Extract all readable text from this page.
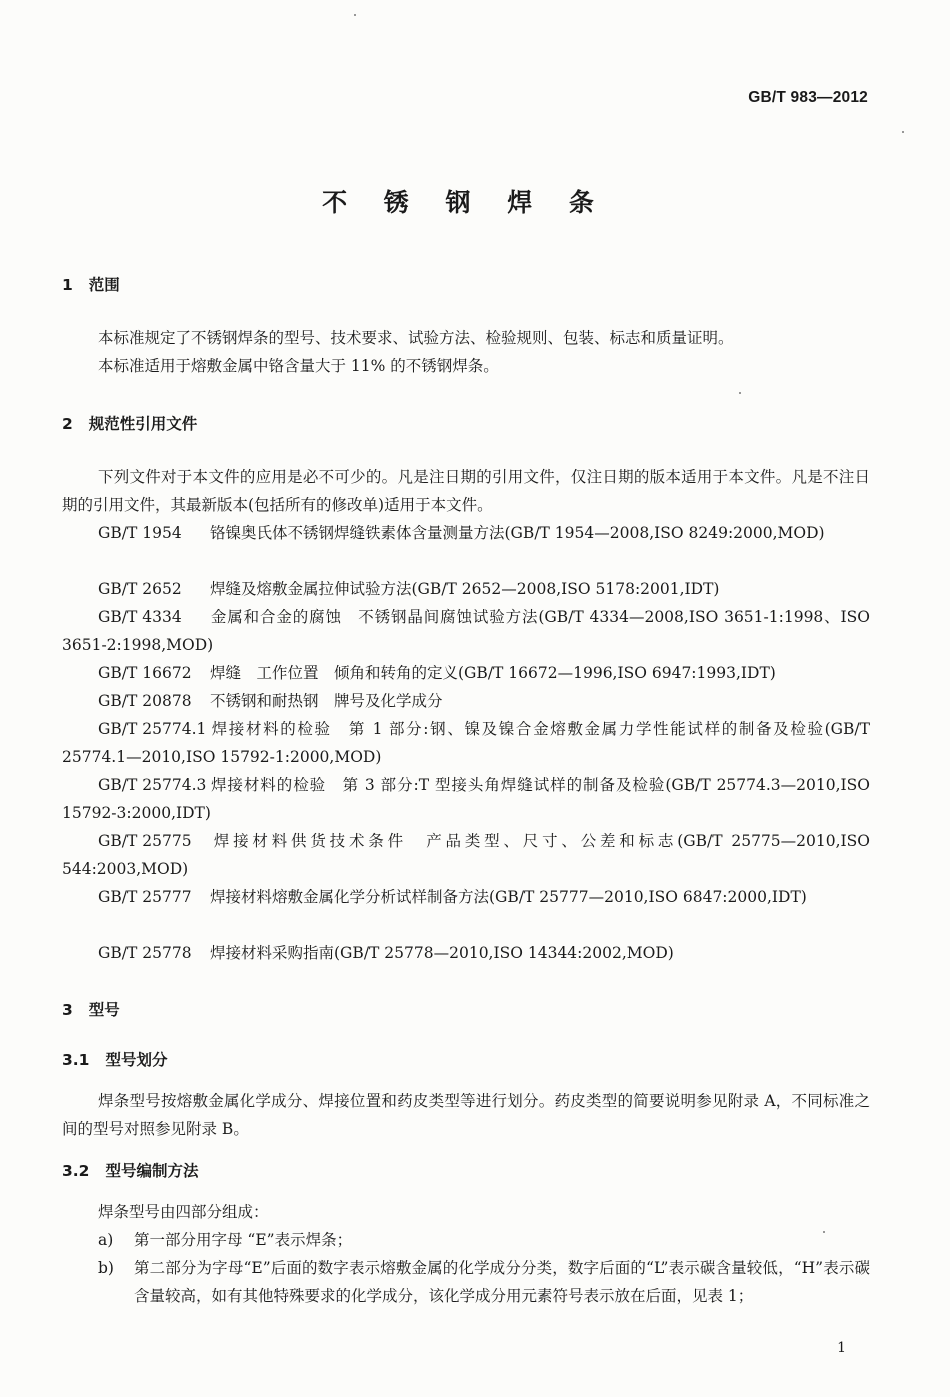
GB/T 983—2012
不 锈 钢 焊 条
1 范围
本标准规定了不锈钢焊条的型号、技术要求、试验方法、检验规则、包装、标志和质量证明。
本标准适用于熔敷金属中铬含量大于 11% 的不锈钢焊条。
2 规范性引用文件
下列文件对于本文件的应用是必不可少的。凡是注日期的引用文件，仅注日期的版本适用于本文件。凡是不注日期的引用文件，其最新版本(包括所有的修改单)适用于本文件。
GB/T 1954 铬镍奥氏体不锈钢焊缝铁素体含量测量方法(GB/T 1954—2008,ISO 8249:2000,MOD)
GB/T 2652 焊缝及熔敷金属拉伸试验方法(GB/T 2652—2008,ISO 5178:2001,IDT)
GB/T 4334 金属和合金的腐蚀　不锈钢晶间腐蚀试验方法(GB/T 4334—2008,ISO 3651-1:1998、ISO 3651-2:1998,MOD)
GB/T 16672 焊缝　工作位置　倾角和转角的定义(GB/T 16672—1996,ISO 6947:1993,IDT)
GB/T 20878 不锈钢和耐热钢　牌号及化学成分
GB/T 25774.1 焊接材料的检验　第 1 部分:钢、镍及镍合金熔敷金属力学性能试样的制备及检验(GB/T 25774.1—2010,ISO 15792-1:2000,MOD)
GB/T 25774.3 焊接材料的检验　第 3 部分:T 型接头角焊缝试样的制备及检验(GB/T 25774.3—2010,ISO 15792-3:2000,IDT)
GB/T 25775 焊接材料供货技术条件　产品类型、尺寸、公差和标志(GB/T 25775—2010,ISO 544:2003,MOD)
GB/T 25777 焊接材料熔敷金属化学分析试样制备方法(GB/T 25777—2010,ISO 6847:2000,IDT)
GB/T 25778 焊接材料采购指南(GB/T 25778—2010,ISO 14344:2002,MOD)
3 型号
3.1 型号划分
焊条型号按熔敷金属化学成分、焊接位置和药皮类型等进行划分。药皮类型的简要说明参见附录 A，不同标准之间的型号对照参见附录 B。
3.2 型号编制方法
焊条型号由四部分组成：
a)	第一部分用字母 “E”表示焊条；
b)	第二部分为字母“E”后面的数字表示熔敷金属的化学成分分类，数字后面的“L”表示碳含量较低，“H”表示碳含量较高，如有其他特殊要求的化学成分，该化学成分用元素符号表示放在后面，见表 1；
1
